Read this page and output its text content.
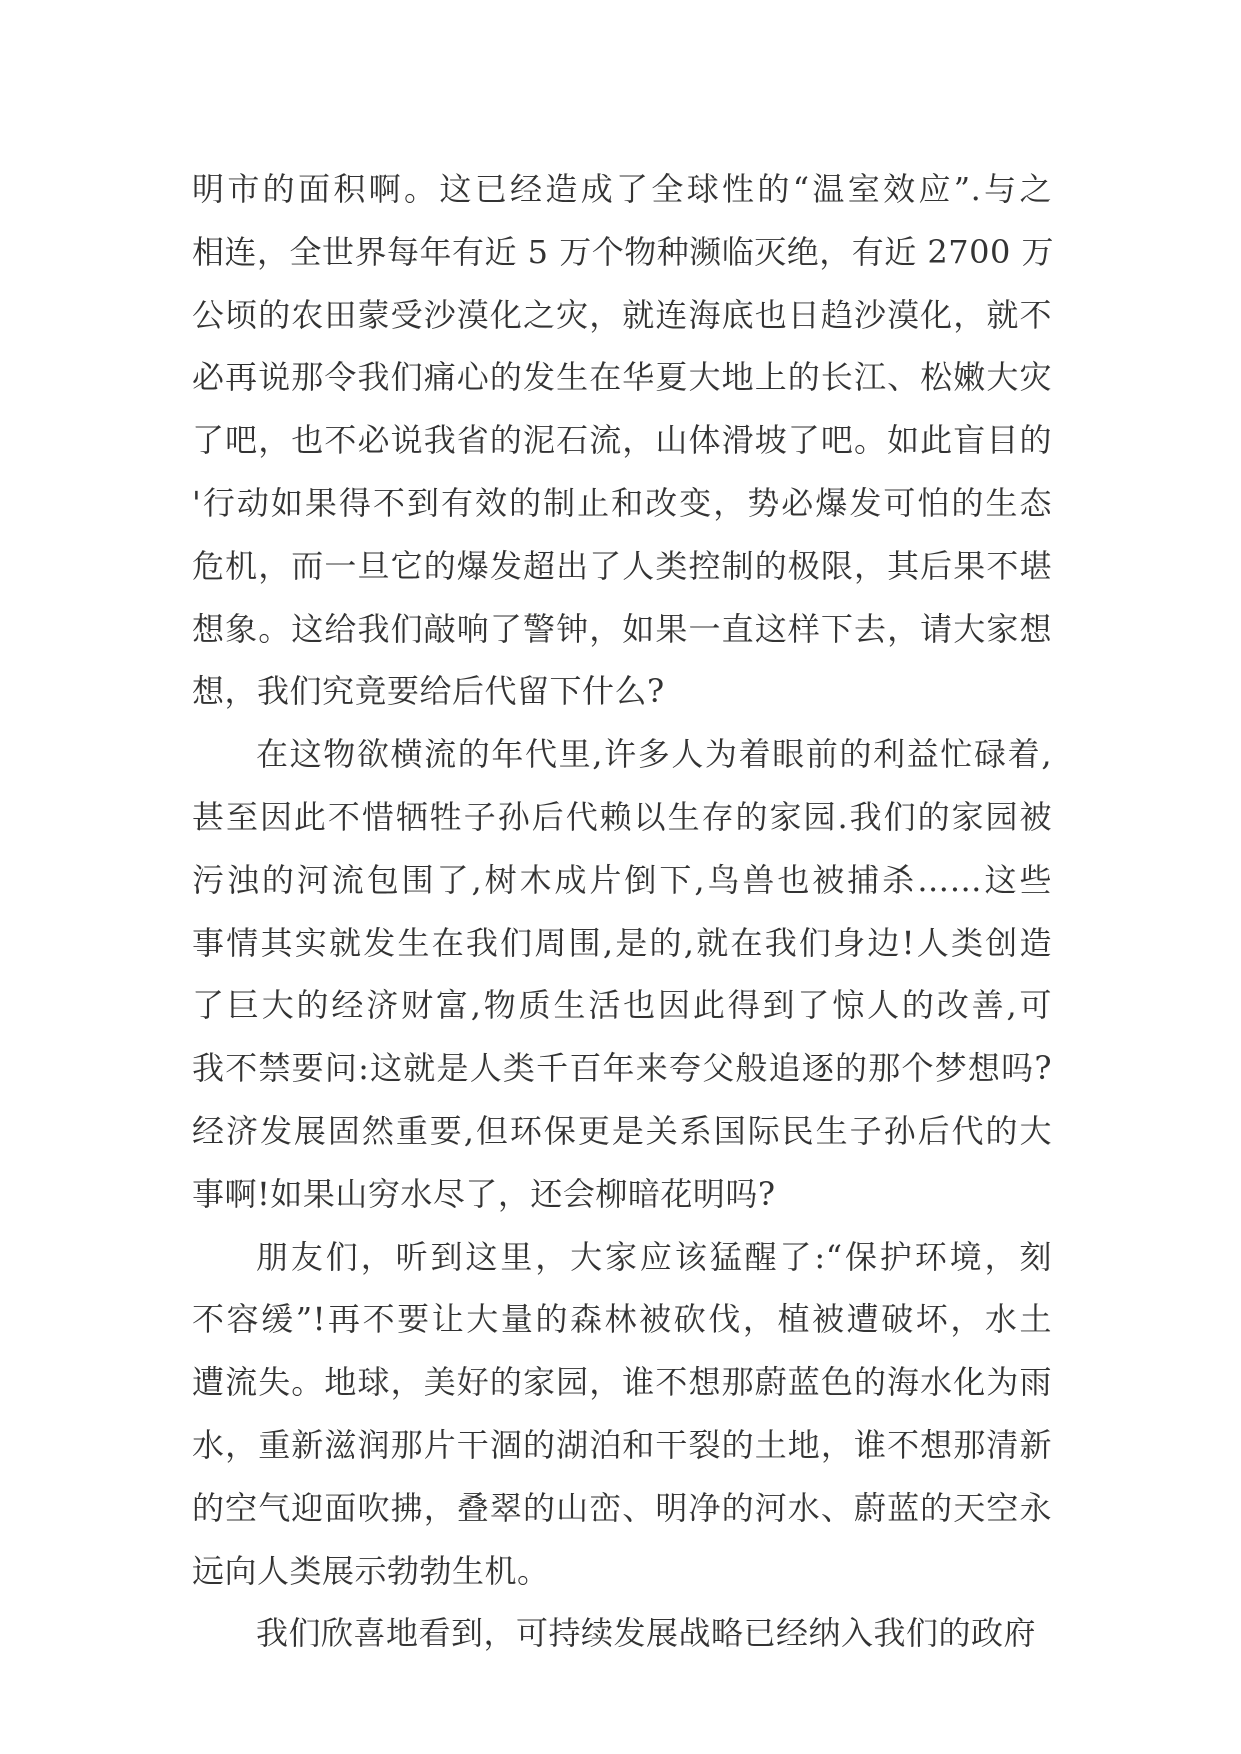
明市的面积啊。这已经造成了全球性的“温室效应”.与之
相连，全世界每年有近 5 万个物种濒临灭绝，有近 2700 万
公顷的农田蒙受沙漠化之灾，就连海底也日趋沙漠化，就不
必再说那令我们痛心的发生在华夏大地上的长江、松嫩大灾
了吧，也不必说我省的泥石流，山体滑坡了吧。如此盲目的
'行动如果得不到有效的制止和改变，势必爆发可怕的生态
危机，而一旦它的爆发超出了人类控制的极限，其后果不堪
想象。这给我们敲响了警钟，如果一直这样下去，请大家想
想，我们究竟要给后代留下什么?
在这物欲横流的年代里,许多人为着眼前的利益忙碌着,
甚至因此不惜牺牲子孙后代赖以生存的家园.我们的家园被
污浊的河流包围了,树木成片倒下,鸟兽也被捕杀……这些
事情其实就发生在我们周围,是的,就在我们身边!人类创造
了巨大的经济财富,物质生活也因此得到了惊人的改善,可
我不禁要问:这就是人类千百年来夸父般追逐的那个梦想吗?
经济发展固然重要,但环保更是关系国际民生子孙后代的大
事啊!如果山穷水尽了，还会柳暗花明吗?
朋友们，听到这里，大家应该猛醒了:“保护环境，刻
不容缓”!再不要让大量的森林被砍伐，植被遭破坏，水土
遭流失。地球，美好的家园，谁不想那蔚蓝色的海水化为雨
水，重新滋润那片干涸的湖泊和干裂的土地，谁不想那清新
的空气迎面吹拂，叠翠的山峦、明净的河水、蔚蓝的天空永
远向人类展示勃勃生机。
我们欣喜地看到，可持续发展战略已经纳入我们的政府
